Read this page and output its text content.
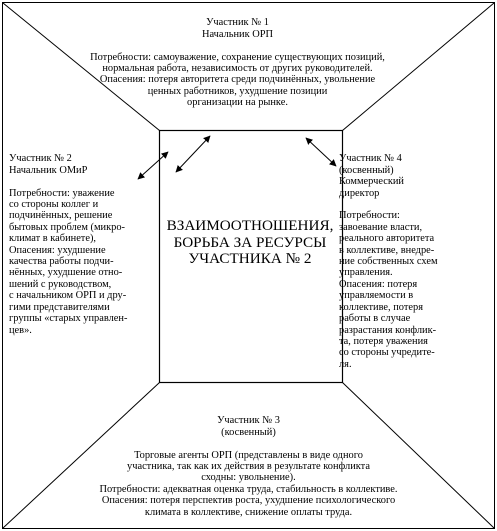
Участник № 1
Начальник ОРП

Потребности: самоуважение, сохранение существующих позиций,
нормальная работа, независимость от других руководителей.
Опасения: потеря авторитета среди подчинённых, увольнение
ценных работников, ухудшение позиции
организации на рынке.

Участник № 2
Начальник ОМиР

Потребности: уважение
со стороны коллег и
подчинённых, решение
бытовых проблем (микро-
климат в кабинете),
Опасения: ухудшение
качества работы подчи-
нённых, ухудшение отно-
шений с руководством,
с начальником ОРП и дру-
гими представителями
группы «старых управлен-
цев».

ВЗАИМООТНОШЕНИЯ,
БОРЬБА ЗА РЕСУРСЫ
УЧАСТНИКА № 2

Участник № 4
(косвенный)
Коммерческий
директор

Потребности:
завоевание власти,
реального авторитета
в коллективе, внедре-
ние собственных схем
управления.
Опасения: потеря
управляемости в
коллективе, потеря
работы в случае
разрастания конфлик-
та, потеря уважения
со стороны учредите-
ля.

Участник № 3
(косвенный)

Торговые агенты ОРП (представлены в виде одного
участника, так как их действия в результате конфликта
сходны: увольнение).
Потребности: адекватная оценка труда, стабильность в коллективе.
Опасения: потеря перспектив роста, ухудшение психологического
климата в коллективе, снижение оплаты труда.
